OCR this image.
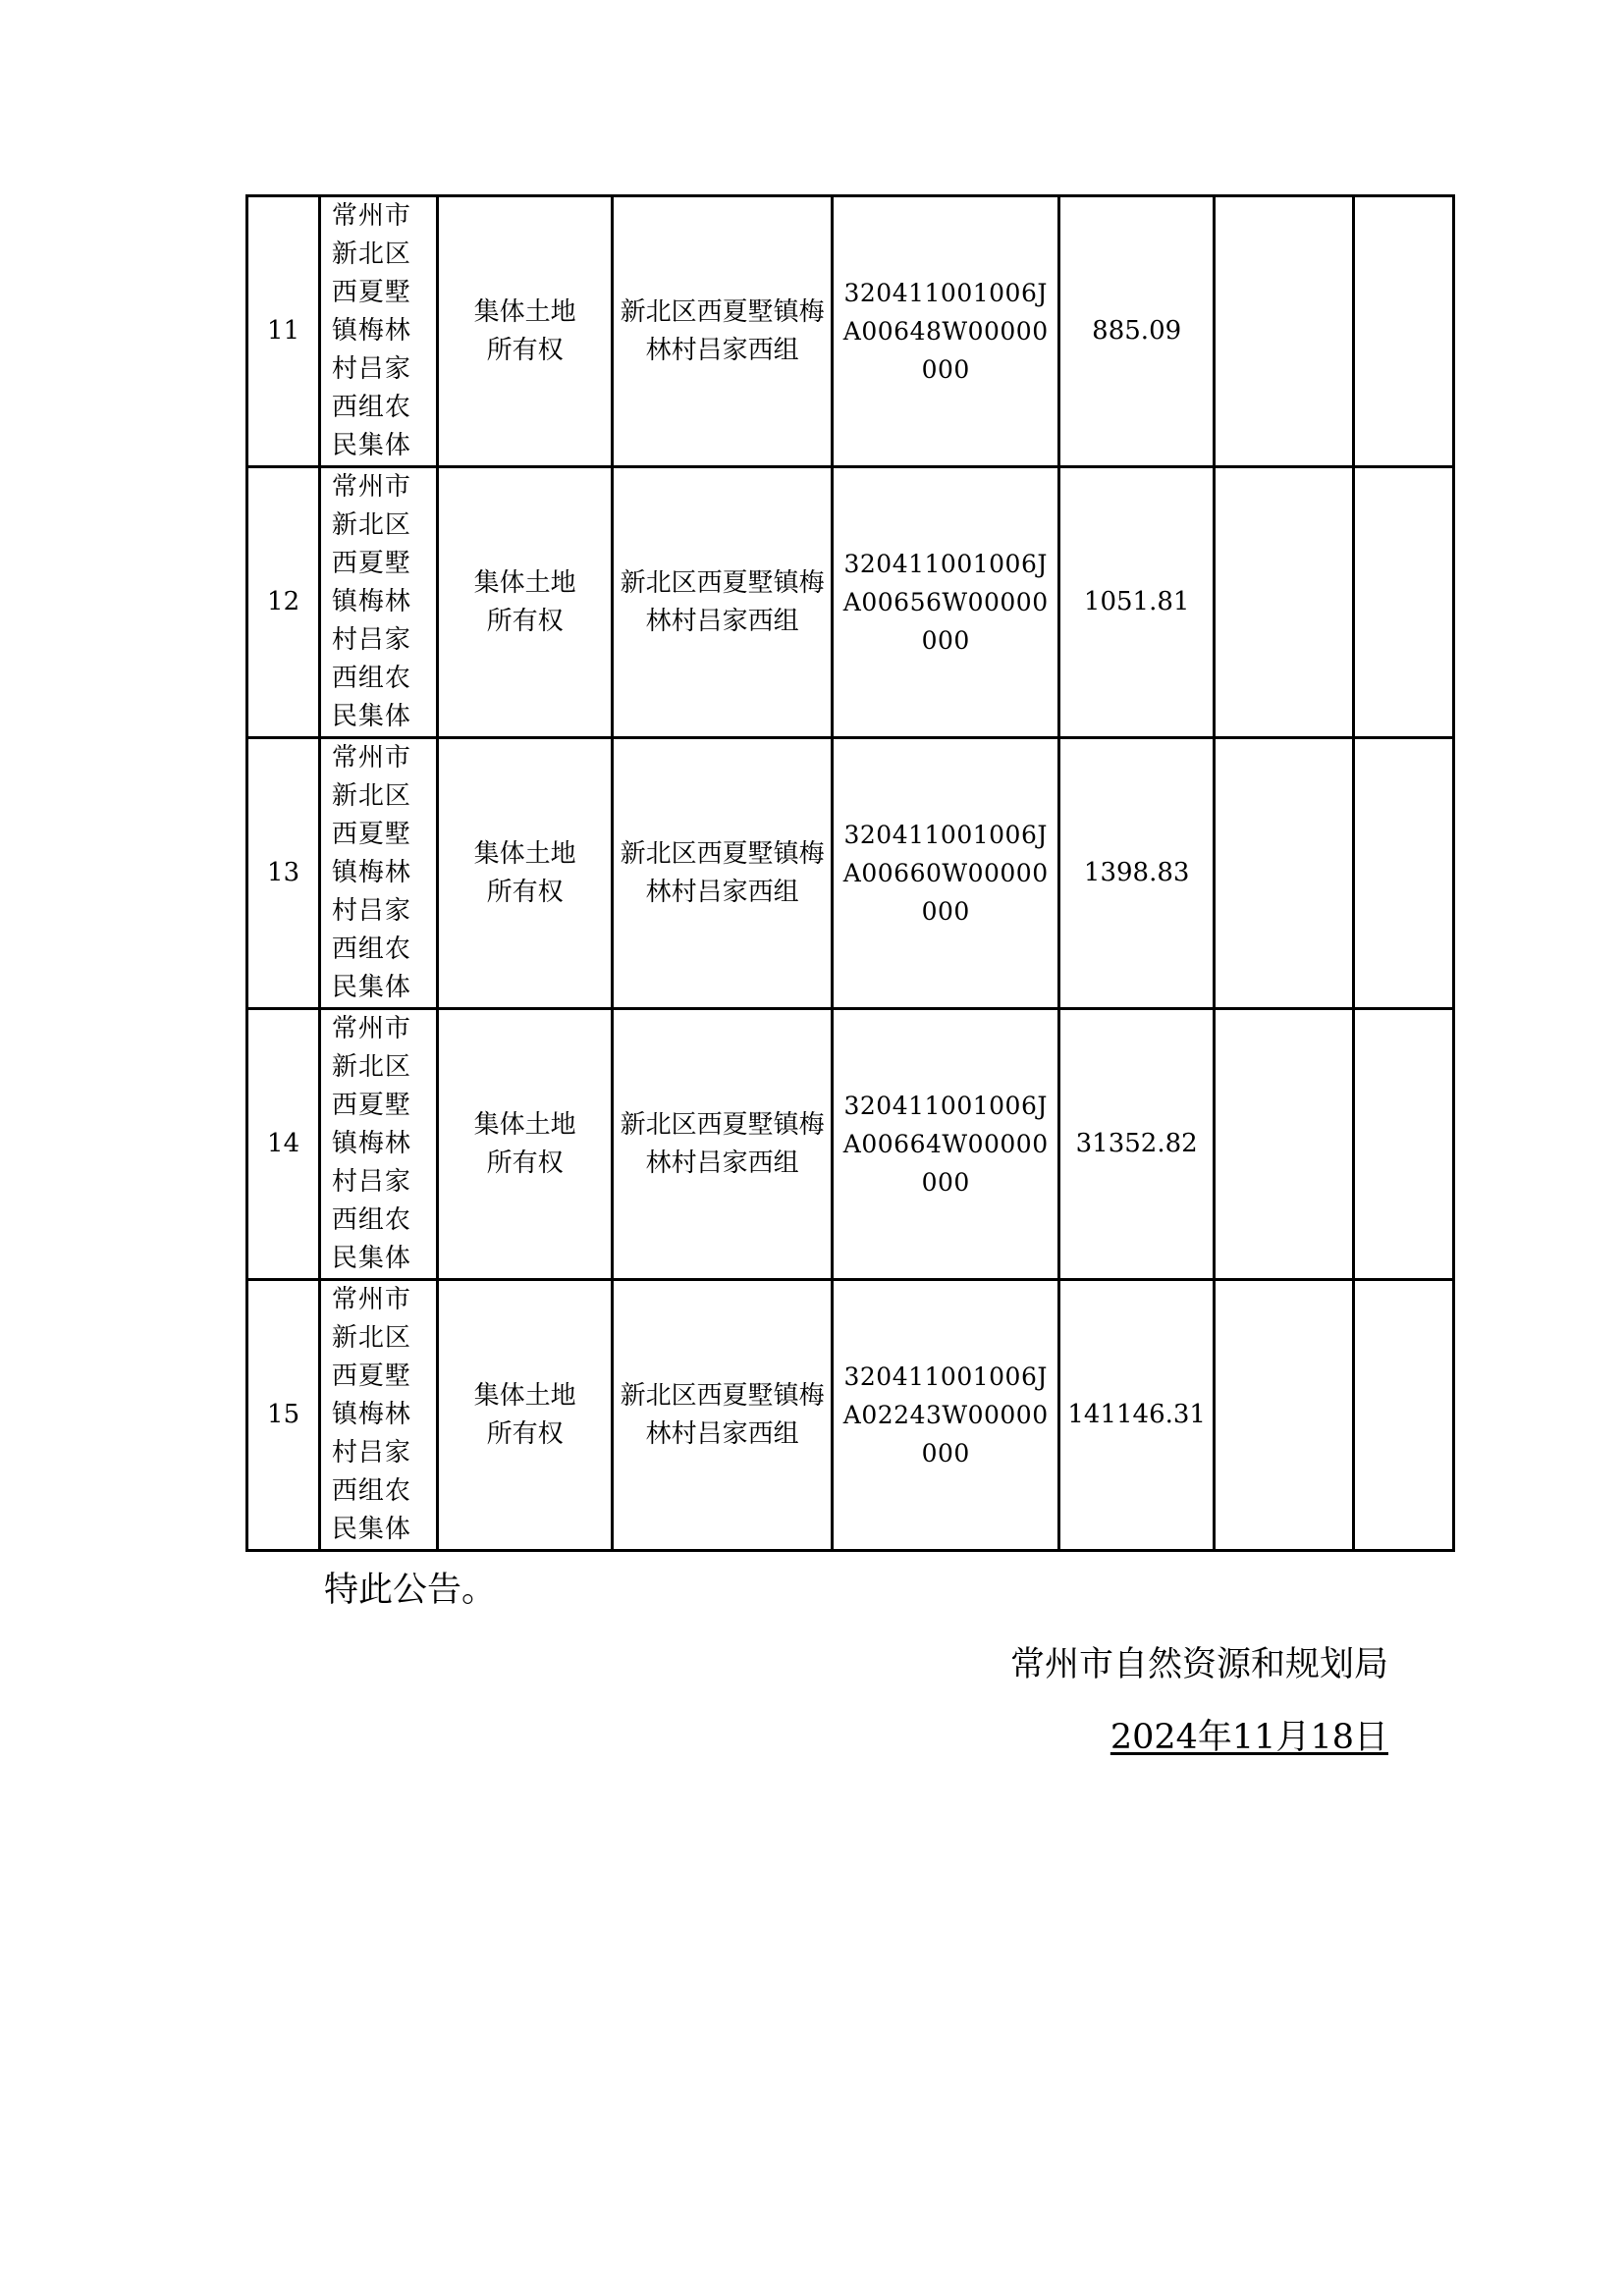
11	常州市新北区西夏墅镇梅林村吕家西组农民集体	集体土地所有权	新北区西夏墅镇梅林村吕家西组	320411001006JA00648W00000000	885.09		
12	常州市新北区西夏墅镇梅林村吕家西组农民集体	集体土地所有权	新北区西夏墅镇梅林村吕家西组	320411001006JA00656W00000000	1051.81		
13	常州市新北区西夏墅镇梅林村吕家西组农民集体	集体土地所有权	新北区西夏墅镇梅林村吕家西组	320411001006JA00660W00000000	1398.83		
14	常州市新北区西夏墅镇梅林村吕家西组农民集体	集体土地所有权	新北区西夏墅镇梅林村吕家西组	320411001006JA00664W00000000	31352.82		
15	常州市新北区西夏墅镇梅林村吕家西组农民集体	集体土地所有权	新北区西夏墅镇梅林村吕家西组	320411001006JA02243W00000000	141146.31		
特此公告。
常州市自然资源和规划局
2024年11月18日
